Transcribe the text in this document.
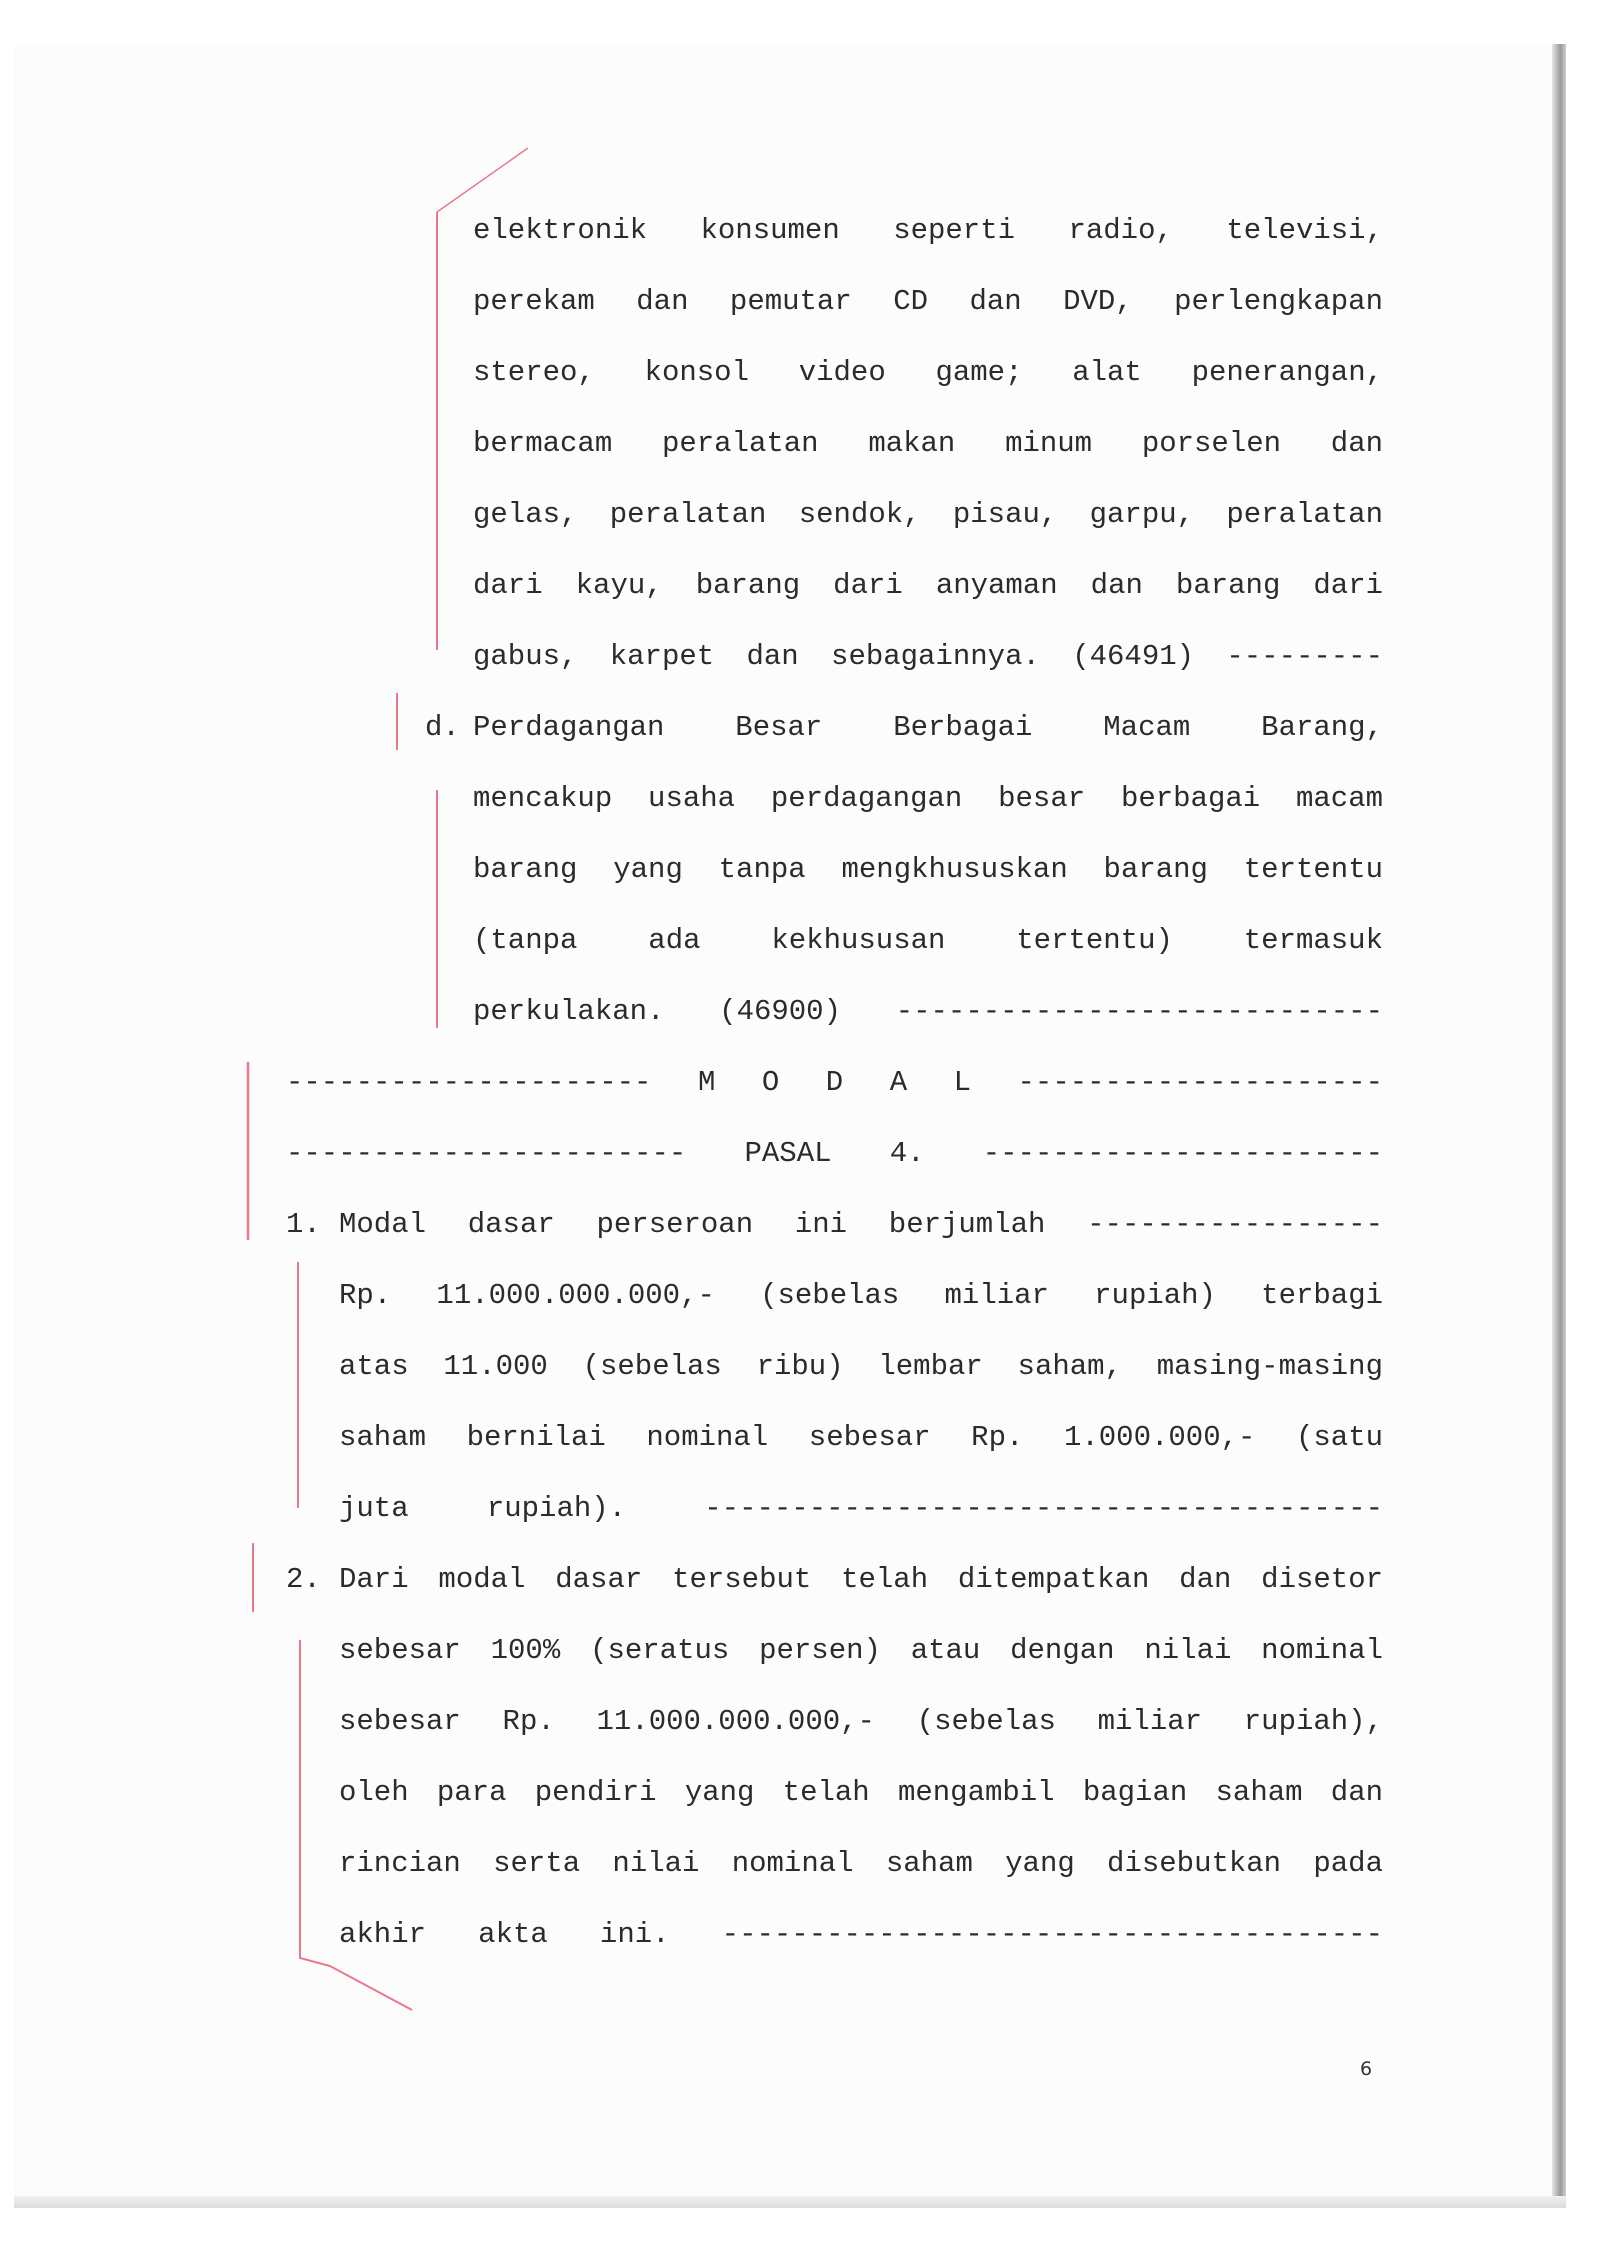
elektronik konsumen seperti radio, televisi,
perekam dan pemutar CD dan DVD, perlengkapan
stereo, konsol video game; alat penerangan,
bermacam peralatan makan minum porselen dan
gelas, peralatan sendok, pisau, garpu, peralatan
dari kayu, barang dari anyaman dan barang dari
gabus, karpet dan sebagainnya. (46491) ---------
d. Perdagangan Besar Berbagai Macam Barang,
mencakup usaha perdagangan besar berbagai macam
barang yang tanpa mengkhususkan barang tertentu
(tanpa ada kekhususan tertentu) termasuk
perkulakan. (46900) ----------------------------
--------------------- M O D A L ---------------------
----------------------- PASAL 4. -----------------------
1. Modal dasar perseroan ini berjumlah -----------------
Rp. 11.000.000.000,- (sebelas miliar rupiah) terbagi
atas 11.000 (sebelas ribu) lembar saham, masing-masing
saham bernilai nominal sebesar Rp. 1.000.000,- (satu
juta rupiah). ---------------------------------------
2. Dari modal dasar tersebut telah ditempatkan dan disetor
sebesar 100% (seratus persen) atau dengan nilai nominal
sebesar Rp. 11.000.000.000,- (sebelas miliar rupiah),
oleh para pendiri yang telah mengambil bagian saham dan
rincian serta nilai nominal saham yang disebutkan pada
akhir akta ini. --------------------------------------
6
